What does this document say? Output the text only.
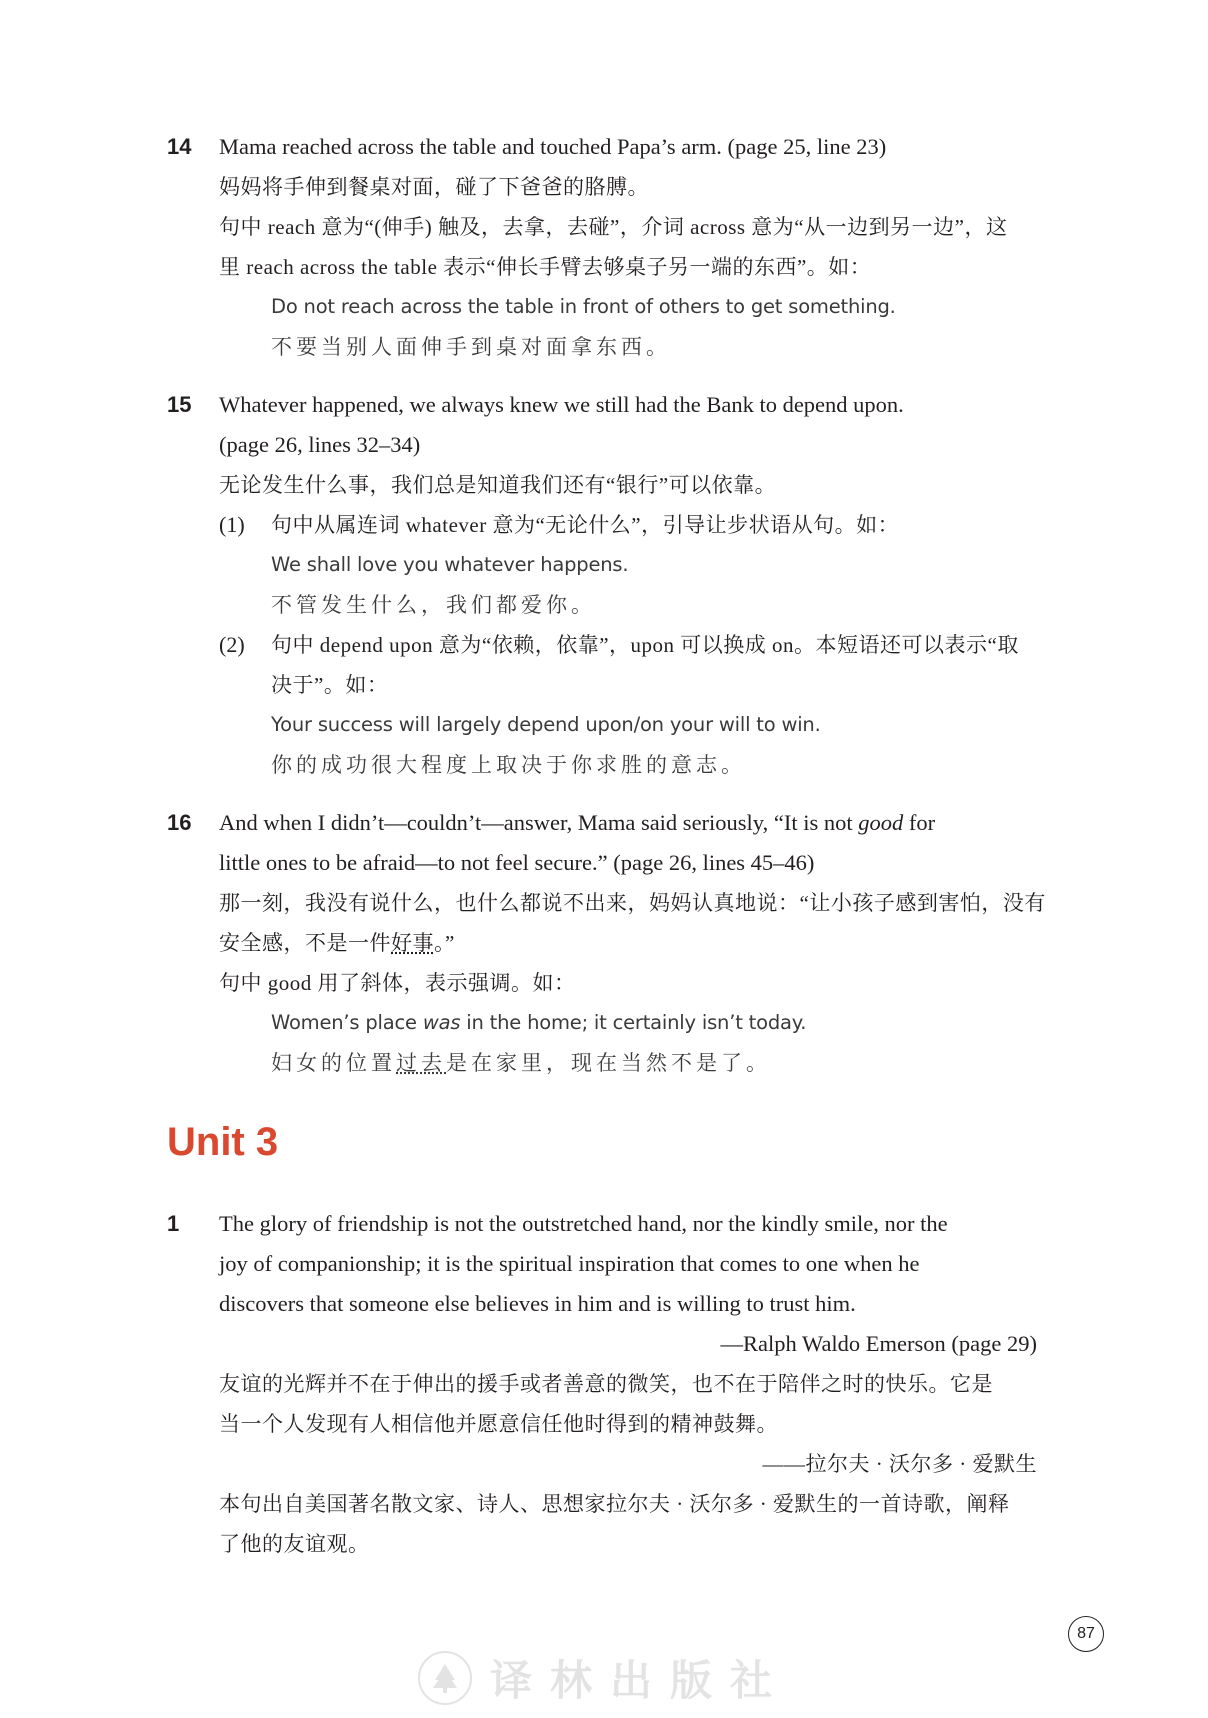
14 Mama reached across the table and touched Papa’s arm. (page 25, line 23)
妈妈将手伸到餐桌对面，碰了下爸爸的胳膊。
句中 reach 意为“(伸手) 触及，去拿，去碰”，介词 across 意为“从一边到另一边”，这
里 reach across the table 表示“伸长手臂去够桌子另一端的东西”。如：
Do not reach across the table in front of others to get something.
不要当别人面伸手到桌对面拿东西。
15 Whatever happened, we always knew we still had the Bank to depend upon.
(page 26, lines 32–34)
无论发生什么事，我们总是知道我们还有“银行”可以依靠。
(1) 句中从属连词 whatever 意为“无论什么”，引导让步状语从句。如：
We shall love you whatever happens.
不管发生什么，我们都爱你。
(2) 句中 depend upon 意为“依赖，依靠”，upon 可以换成 on。本短语还可以表示“取
决于”。如：
Your success will largely depend upon/on your will to win.
你的成功很大程度上取决于你求胜的意志。
16 And when I didn’t—couldn’t—answer, Mama said seriously, “It is not good for
little ones to be afraid—to not feel secure.” (page 26, lines 45–46)
那一刻，我没有说什么，也什么都说不出来，妈妈认真地说：“让小孩子感到害怕，没有
安全感，不是一件好事。”
句中 good 用了斜体，表示强调。如：
Women’s place was in the home; it certainly isn’t today.
妇女的位置过去是在家里，现在当然不是了。
Unit 3
1 The glory of friendship is not the outstretched hand, nor the kindly smile, nor the
joy of companionship; it is the spiritual inspiration that comes to one when he
discovers that someone else believes in him and is willing to trust him.
—Ralph Waldo Emerson (page 29)
友谊的光辉并不在于伸出的援手或者善意的微笑，也不在于陪伴之时的快乐。它是
当一个人发现有人相信他并愿意信任他时得到的精神鼓舞。
——拉尔夫 · 沃尔多 · 爱默生
本句出自美国著名散文家、诗人、思想家拉尔夫 · 沃尔多 · 爱默生的一首诗歌，阐释
了他的友谊观。
87
译林出版社
